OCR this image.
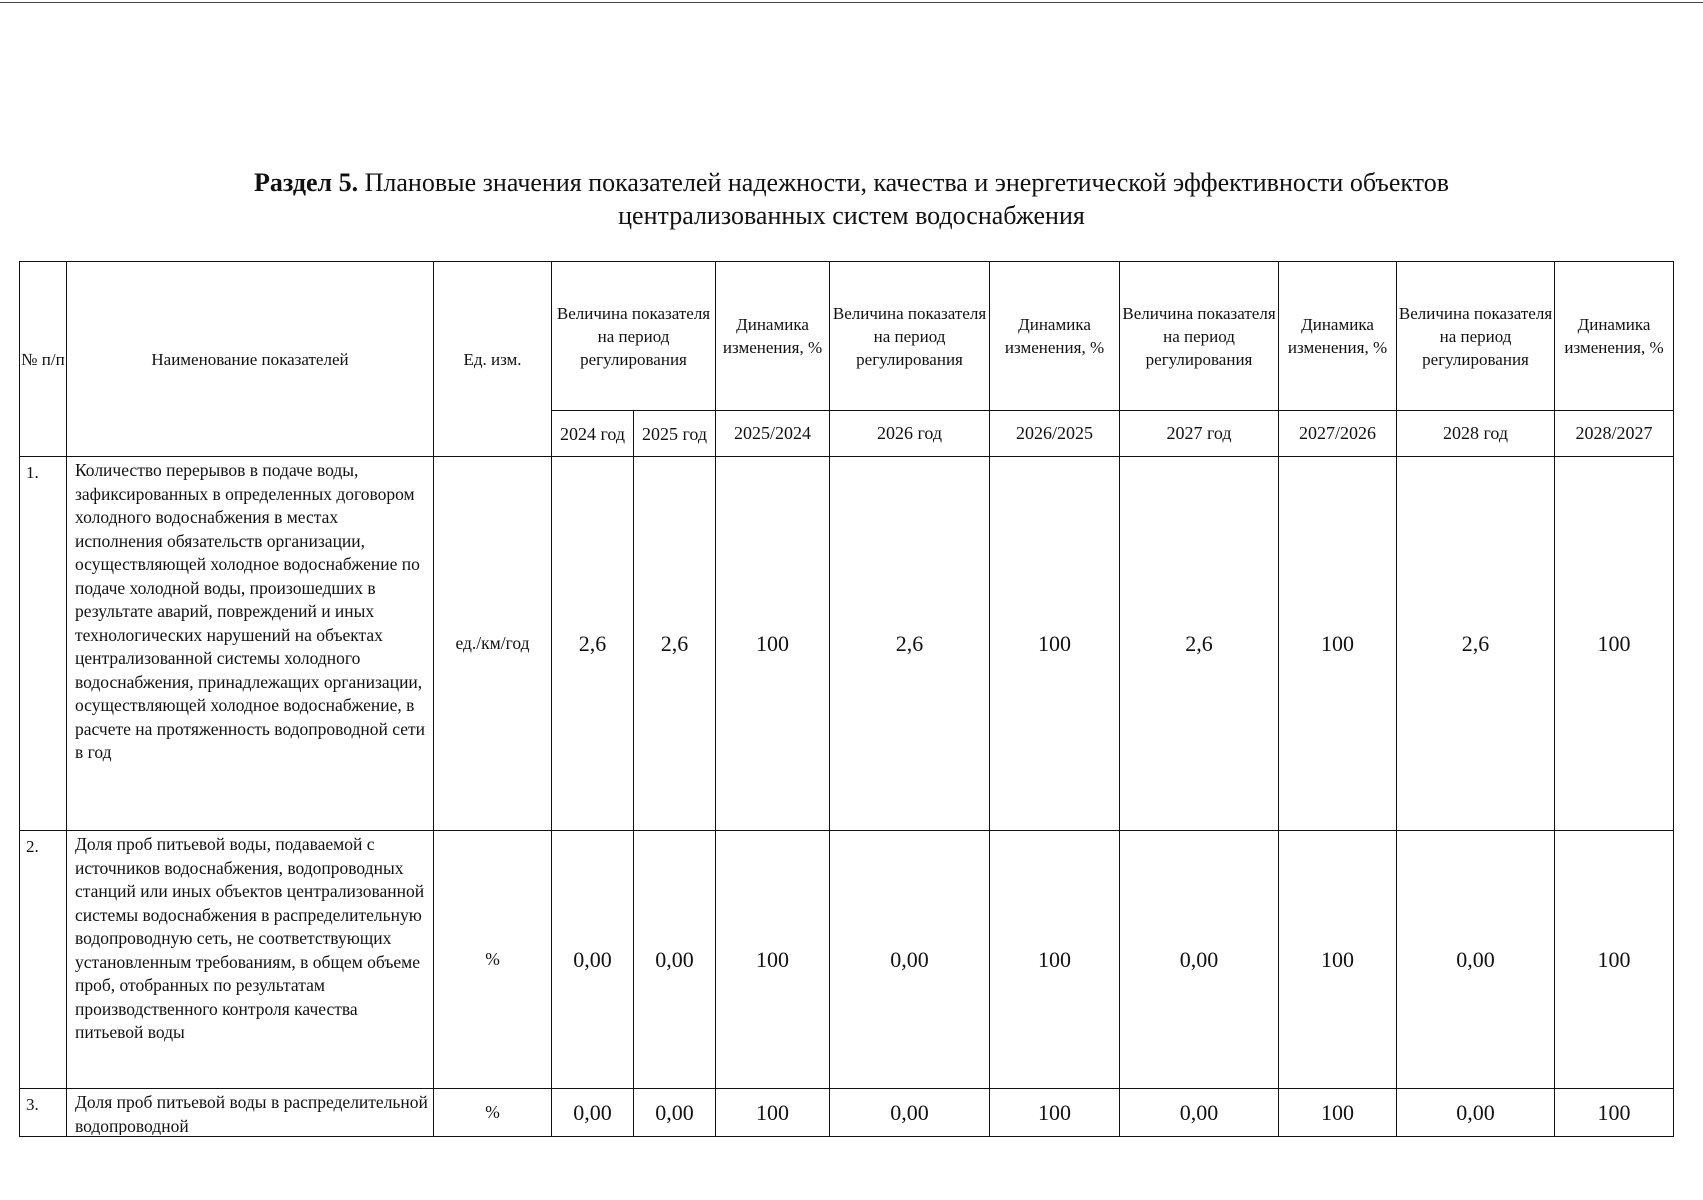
Раздел 5. Плановые значения показателей надежности, качества и энергетической эффективности объектов
централизованных систем водоснабжения
№ п/п	Наименование показателей	Ед. изм.	Величина показателя на период регулирования		Динамика изменения, %	Величина показателя на период регулирования	Динамика изменения, %	Величина показателя на период регулирования	Динамика изменения, %	Величина показателя на период регулирования	Динамика изменения, %
			2024 год	2025 год	2025/2024	2026 год	2026/2025	2027 год	2027/2026	2028 год	2028/2027
1.	Количество перерывов в подаче воды, зафиксированных в определенных договором холодного водоснабжения в местах исполнения обязательств организации, осуществляющей холодное водоснабжение по подаче холодной воды, произошедших в результате аварий, повреждений и иных технологических нарушений на объектах централизованной системы холодного водоснабжения, принадлежащих организации, осуществляющей холодное водоснабжение, в расчете на протяженность водопроводной сети в год	ед./км/год	2,6	2,6	100	2,6	100	2,6	100	2,6	100
2.	Доля проб питьевой воды, подаваемой с источников водоснабжения, водопроводных станций или иных объектов централизованной системы водоснабжения в распределительную водопроводную сеть, не соответствующих установленным требованиям, в общем объеме проб, отобранных по результатам производственного контроля качества питьевой воды	%	0,00	0,00	100	0,00	100	0,00	100	0,00	100
3.	Доля проб питьевой воды в распределительной водопроводной	%	0,00	0,00	100	0,00	100	0,00	100	0,00	100
